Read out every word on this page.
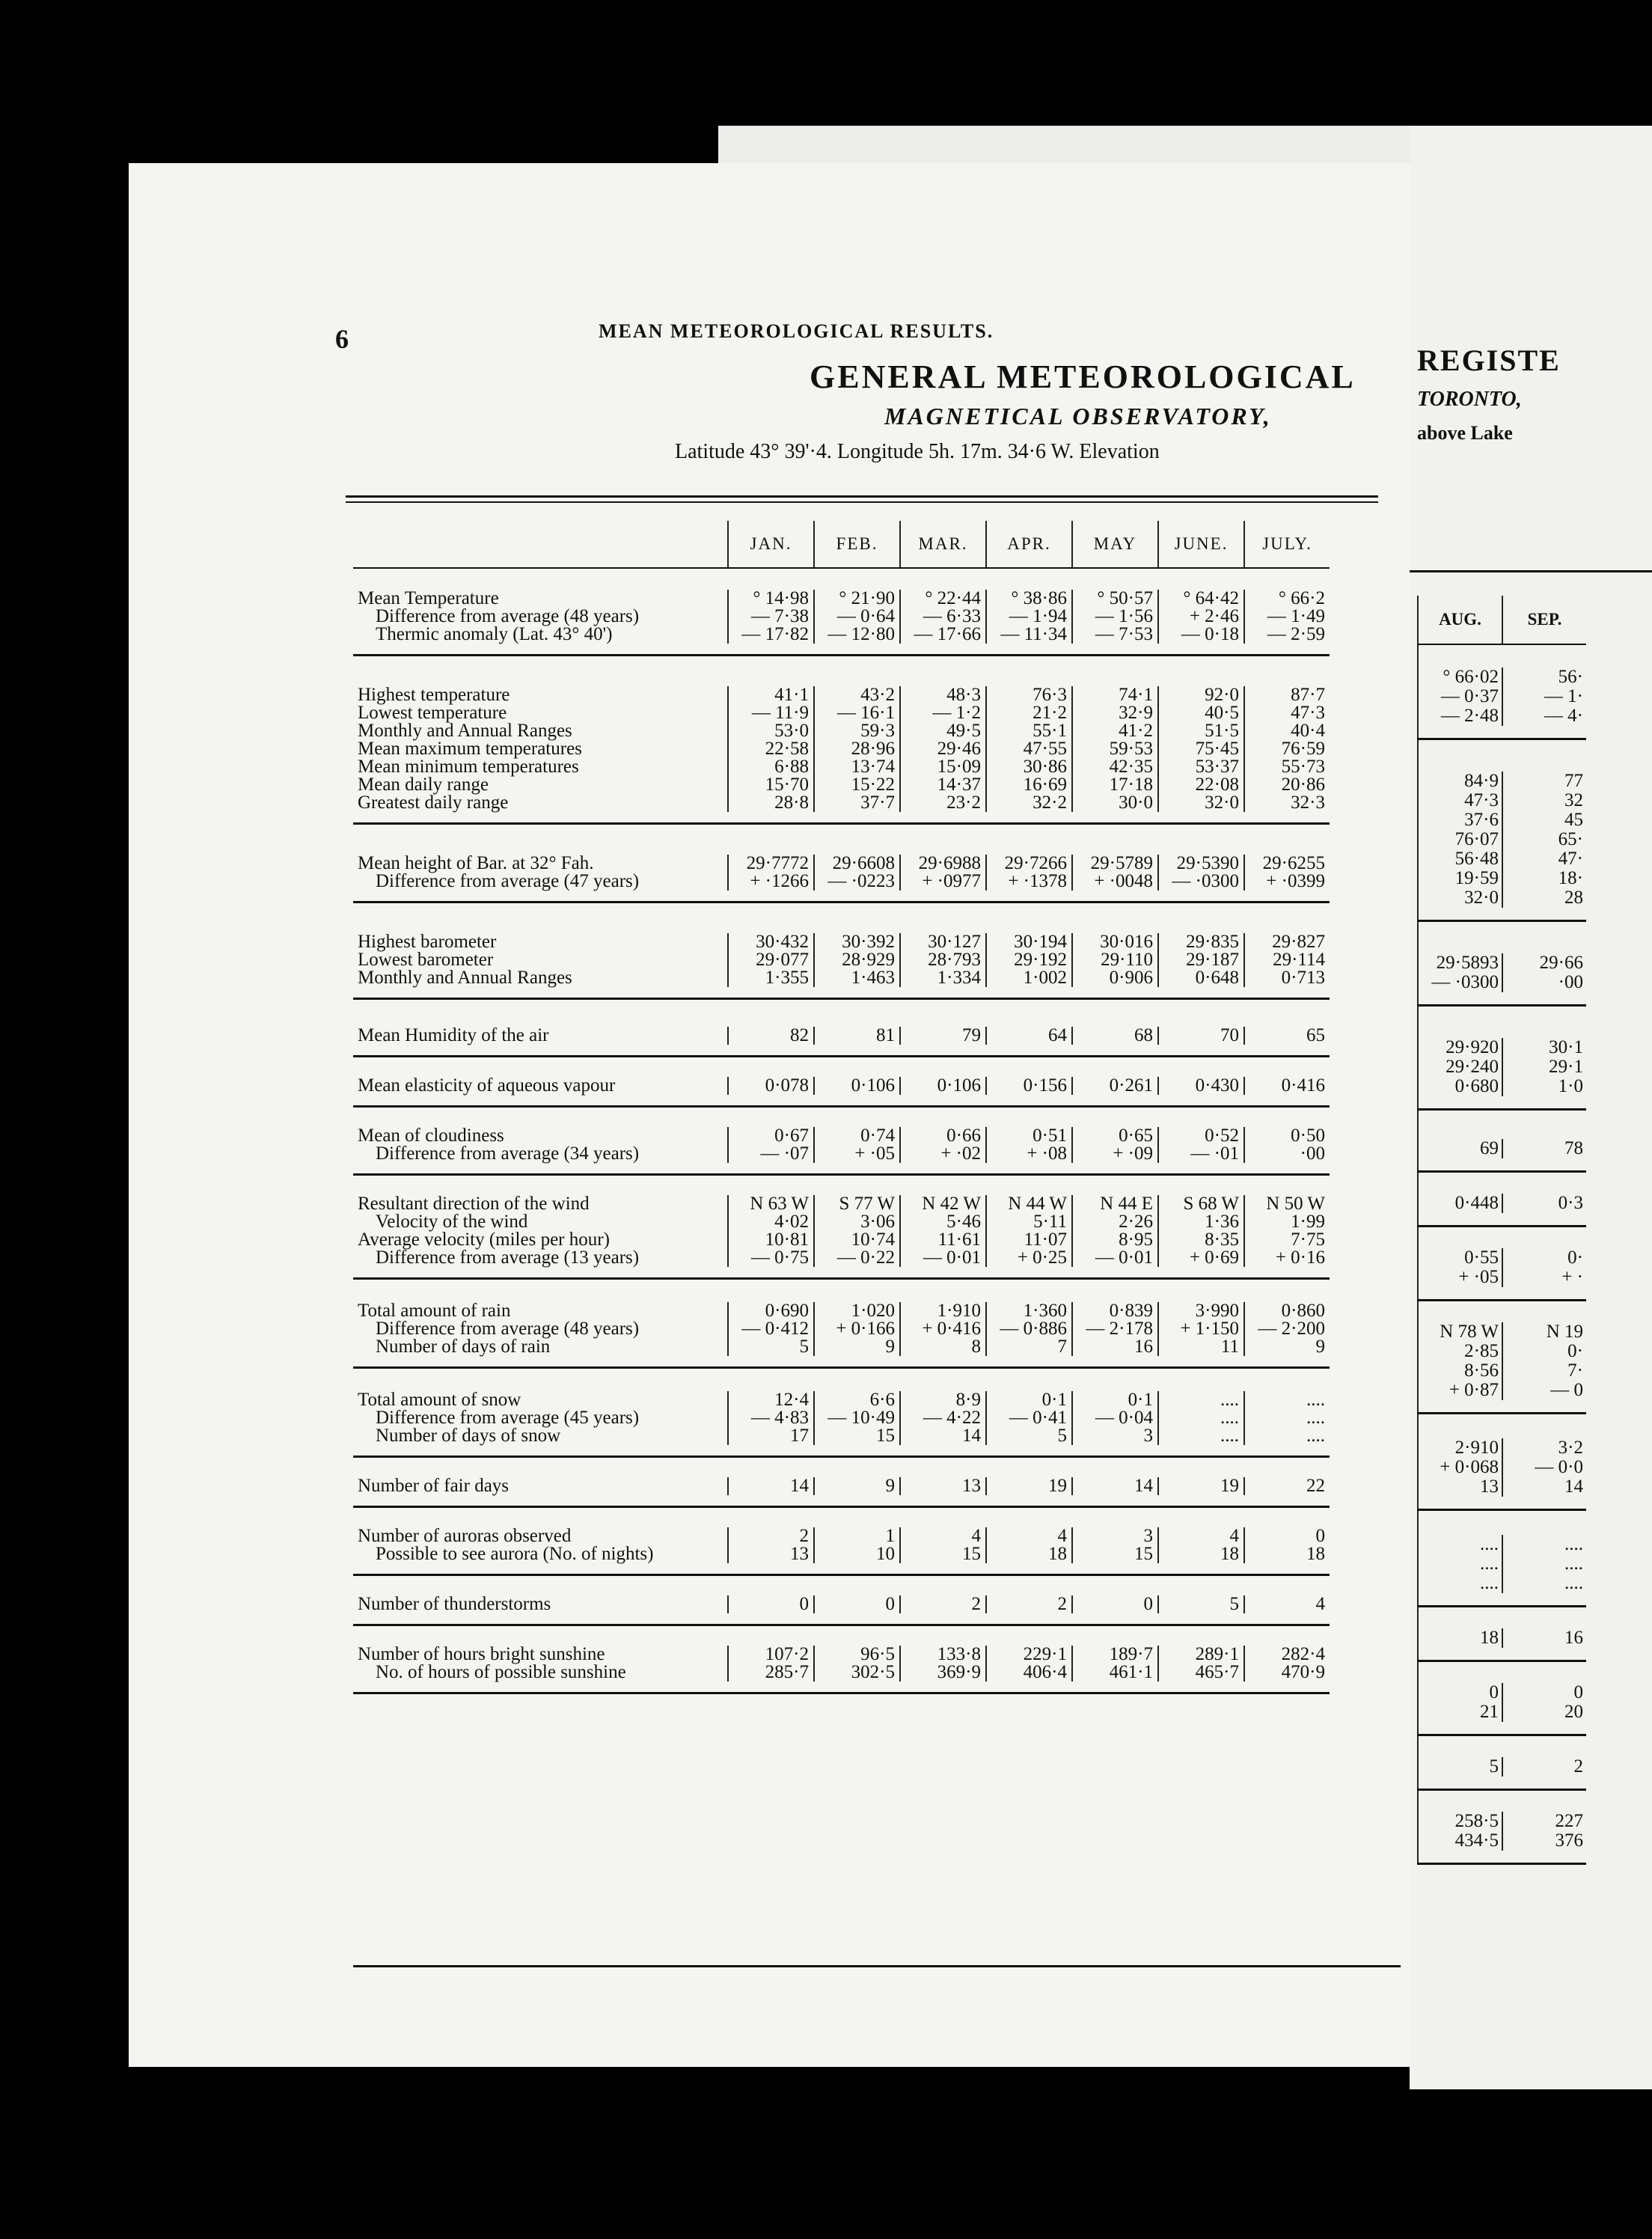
6	MEAN METEOROLOGICAL RESULTS.
GENERAL METEOROLOGICAL
MAGNETICAL OBSERVATORY,
Latitude 43° 39'·4. Longitude 5h. 17m. 34·6 W. Elevation
	JAN.	FEB.	MAR.	APR.	MAY	JUNE.	JULY.

Mean Temperature	° 14·98	° 21·90	° 22·44	° 38·86	° 50·57	° 64·42	° 66·2
Difference from average (48 years)	— 7·38	— 0·64	— 6·33	— 1·94	— 1·56	+ 2·46	— 1·49
Thermic anomaly (Lat. 43° 40')	— 17·82	— 12·80	— 17·66	— 11·34	— 7·53	— 0·18	— 2·59

Highest temperature	41·1	43·2	48·3	76·3	74·1	92·0	87·7
Lowest temperature	— 11·9	— 16·1	— 1·2	21·2	32·9	40·5	47·3
Monthly and Annual Ranges	53·0	59·3	49·5	55·1	41·2	51·5	40·4
Mean maximum temperatures	22·58	28·96	29·46	47·55	59·53	75·45	76·59
Mean minimum temperatures	6·88	13·74	15·09	30·86	42·35	53·37	55·73
Mean daily range	15·70	15·22	14·37	16·69	17·18	22·08	20·86
Greatest daily range	28·8	37·7	23·2	32·2	30·0	32·0	32·3

Mean height of Bar. at 32° Fah.	29·7772	29·6608	29·6988	29·7266	29·5789	29·5390	29·6255
Difference from average (47 years)	+ ·1266	— ·0223	+ ·0977	+ ·1378	+ ·0048	— ·0300	+ ·0399

Highest barometer	30·432	30·392	30·127	30·194	30·016	29·835	29·827
Lowest barometer	29·077	28·929	28·793	29·192	29·110	29·187	29·114
Monthly and Annual Ranges	1·355	1·463	1·334	1·002	0·906	0·648	0·713

Mean Humidity of the air	82	81	79	64	68	70	65

Mean elasticity of aqueous vapour	0·078	0·106	0·106	0·156	0·261	0·430	0·416

Mean of cloudiness	0·67	0·74	0·66	0·51	0·65	0·52	0·50
Difference from average (34 years)	— ·07	+ ·05	+ ·02	+ ·08	+ ·09	— ·01	·00

Resultant direction of the wind	N 63 W	S 77 W	N 42 W	N 44 W	N 44 E	S 68 W	N 50 W
Velocity of the wind	4·02	3·06	5·46	5·11	2·26	1·36	1·99
Average velocity (miles per hour)	10·81	10·74	11·61	11·07	8·95	8·35	7·75
Difference from average (13 years)	— 0·75	— 0·22	— 0·01	+ 0·25	— 0·01	+ 0·69	+ 0·16

Total amount of rain	0·690	1·020	1·910	1·360	0·839	3·990	0·860
Difference from average (48 years)	— 0·412	+ 0·166	+ 0·416	— 0·886	— 2·178	+ 1·150	— 2·200
Number of days of rain	5	9	8	7	16	11	9

Total amount of snow	12·4	6·6	8·9	0·1	0·1	....	....
Difference from average (45 years)	— 4·83	— 10·49	— 4·22	— 0·41	— 0·04	....	....
Number of days of snow	17	15	14	5	3	....	....

Number of fair days	14	9	13	19	14	19	22

Number of auroras observed	2	1	4	4	3	4	0
Possible to see aurora (No. of nights)	13	10	15	18	15	18	18

Number of thunderstorms	0	0	2	2	0	5	4

Number of hours bright sunshine	107·2	96·5	133·8	229·1	189·7	289·1	282·4
No. of hours of possible sunshine	285·7	302·5	369·9	406·4	461·1	465·7	470·9

REGISTE
TORONTO,
above Lake
AUG.	SEP.

° 66·02	56·
— 0·37	— 1·
— 2·48	— 4·

84·9	77
47·3	32
37·6	45
76·07	65·
56·48	47·
19·59	18·
32·0	28

29·5893	29·66
— ·0300	·00

29·920	30·1
29·240	29·1
0·680	1·0

69	78

0·448	0·3

0·55	0·
+ ·05	+ ·

N 78 W	N 19
2·85	0·
8·56	7·
+ 0·87	— 0

2·910	3·2
+ 0·068	— 0·0
13	14

....	....
....	....
....	....

18	16

0	0
21	20

5	2

258·5	227
434·5	376
